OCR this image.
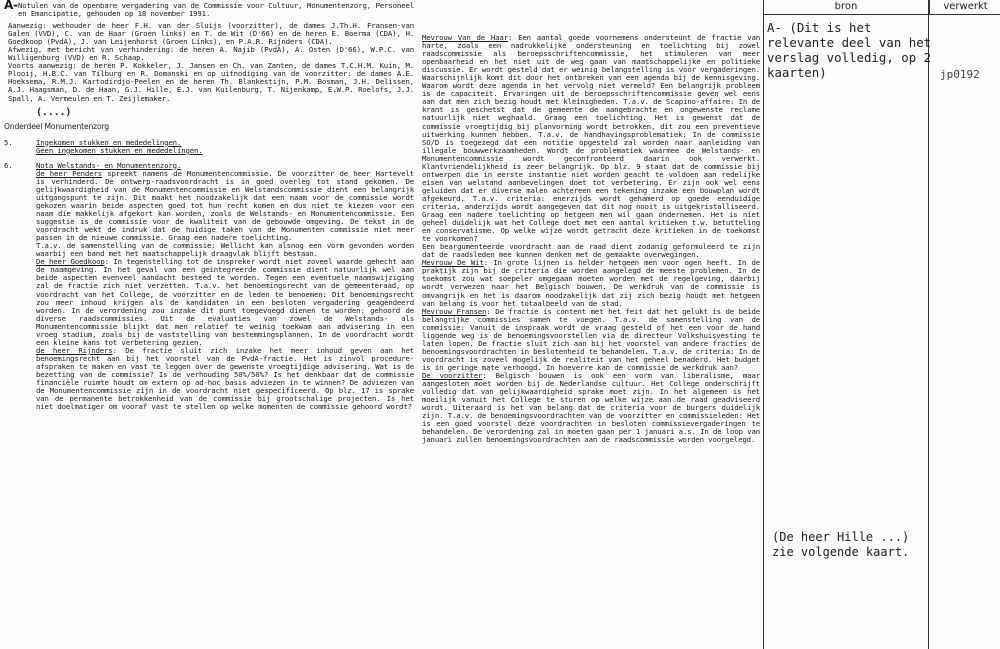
A- Notulen van de openbare vergadering van de Commissie voor Cultuur, Monumentenzorg, Personeel en Emancipatie, gehouden op 18 november 1991.

Aanwezig: wethouder de heer F.H. van der Sluijs (voorzitter), de dames J.Th.H. Fransen-van Galen (VVD), C. van de Haar (Groen links) en T. de Wit (D'66) en de heren E. Boerma (CDA), H. Goedkoop (PvdA), J. van Leijenhorst (Groen Links), en P.A.R. Rijnders (CDA).

Afwezig, met bericht van verhindering: de heren A. Najib (PvdA), A. Osten (D'66), W.P.C. van Willigenburg (VVD) en R. Schaap.

Voorts aanwezig: de heren P. Kokkeler, J. Jansen en Ch. van Zanten, de dames T.C.H.M. Kuin, M. Plooij, H.B.C. van Tilburg en R. Domanski en op uitnodiging van de voorzitter: de dames A.E. Hoeksema, R.M.J. Kartodirdjo-Peelen en de heren Th. Blankestijn, P.M. Bosman, J.H. Delissen, A.J. Haagsman, D. de Haan, G.J. Hille, E.J. van Kuilenburg, T. Nijenkamp, E.W.P. Roelofs, J.J. Spall, A. Vermeulen en T. Zeijlemaker.

(....)
Onderdeel Monumentenzorg
5.	Ingekomen stukken en mededelingen.
Geen ingekomen stukken en mededelingen.
6.	Nota Welstands- en Monumentenzorg.

de heer Penders spreekt namens de Monumentencommissie. De voorzitter de heer Hartevelt is verhinderd. De ontwerp-raadsvoordracht is in goed overleg tot stand gekomen. De gelijkwaardigheid van de Monumentencommissie en Welstandscommissie dient een belangrijk uitgangspunt te zijn. Dit maakt het noodzakelijk dat een naam voor de commissie wordt gekozen waarin beide aspecten goed tot hun recht komen en dus niet te kiezen voor een naam die makkelijk afgekort kan worden, zoals de Welstands- en Monumentencommissie. Een suggestie is de commissie voor de kwaliteit van de gebouwde omgeving. De tekst in de voordracht wekt de indruk dat de huidige taken van de Monumenten commissie niet meer passen in de nieuwe commissie. Graag een nadere toelichting.

T.a.v. de samenstelling van de commissie: Wellicht kan alsnog een vorm gevonden worden waarbij een band met het maatschappelijk draagvlak blijft bestaan.

De heer Goedkoop: In tegenstelling tot de inspreker wordt niet zoveel waarde gehecht aan de naamgeving. In het geval van een geintegreerde commissie dient natuurlijk wel aan beide aspecten evenveel aandacht besteed te worden. Tegen een eventuele naamswijziging zal de fractie zich niet verzetten. T.a.v. het benoemingsrecht van de gemeenteraad, op voordracht van het College, de voorzitter en de leden te benoemen: Dit benoemingsrecht zou meer inhoud krijgen als de kandidaten in een besloten vergadering geagendeerd worden. In de verordening zou inzake dit punt toegevoegd dienen te worden: gehoord de diverse raadscommissies. Uit de evaluaties van zowel de Welstands- als Monumentencommissie blijkt dat men relatief te weinig toekwam aan advisering in een vroeg stadium, zoals bij de vaststelling van bestemmingsplannen. In de voordracht wordt een kleine kans tot verbetering gezien.

de heer Rijnders: De fractie sluit zich inzake het meer inhoud geven aan het benoemingsrecht aan bij het voorstel van de PvdA-fractie. Het is zinvol procedure-afspraken te maken en vast te leggen over de gewenste vroegtijdige advisering. Wat is de bezetting van de commissie? Is de verhouding 50%/50%? Is het denkbaar dat de commissie financiële ruimte houdt om extern op ad-hoc basis adviezen in te winnen? De adviezen van de Monumentencommissie zijn in de voordracht niet gespecificeerd. Op blz. 17 is sprake van de permanente betrokkenheid van de commissie bij grootschalige projecten. Is het niet doelmatiger om vooraf vast te stellen op welke momenten de commissie gehoord wordt?

Mevrouw Van de Haar: Een aantal goede voornemens ondersteunt de fractie van harte, zoals een nadrukkelijke ondersteuning en toelichting bij zowel raadscommissie als beroepsschriftencommissie, het stimuleren van meer openbaarheid en het niet uit de weg gaan van maatschappelijke en politieke discussie. Er wordt gesteld dat er weinig belangstelling is voor vergaderingen. Waarschijnlijk komt dit door het ontbreken van een agenda bij de kennisgeving. Waarom wordt deze agenda in het vervolg niet vermeld? Een belangrijk probleem is de capaciteit. Ervaringen uit de beroepsschriftencommissie geven wel eens aan dat men zich bezig houdt met kleinigheden. T.a.v. de Scapino-affaire: In de krant is geschetst dat de gemeente de aangebrachte en ongewenste reclame natuurlijk niet weghaald. Graag een toelichting. Het is gewenst dat de commissie vroegtijdig bij planvorming wordt betrokken, dit zou een preventieve uitwerking kunnen hebben. T.a.v. de handhavingsproblematiek: In de commissie SO/D is toegezegd dat een notitie opgesteld zal worden naar aanleiding van illegale bouwwerkzaamheden. Wordt de problematiek waarmee de Welstands- en Monumentencommissie wordt geconfronteerd daarin ook verwerkt. Klantvriendelijkheid is zeer belangrijk. Op blz. 9 staat dat de commissie bij ontwerpen die in eerste instantie niet worden geacht te voldoen aan redelijke eisen van welstand aanbevelingen doet tot verbetering. Er zijn ook wel eens geluiden dat er diverse malen achtereen een tekening inzake een bouwplan wordt afgekeurd. T.a.v. criteria: enerzijds wordt gehamerd op goede eenduidige criteria, anderzijds wordt aangegeven dat dit nog nooit is uitgekristalliseerd. Graag een nadere toelichting op hetgeen men wil gaan ondernemen. Het is niet geheel duidelijk wat het College doet met een aantal kritieken t.w. betutteling en conservatisme. Op welke wijze wordt getracht deze kritieken in de toekomst te voorkomen?

Een beargumenteerde voordracht aan de raad dient zodanig geformuleerd te zijn dat de raadsleden mee kunnen denken met de gemaakte overwegingen.

Mevrouw De Wit: In grote lijnen is helder hetgeen men voor ogen heeft. In de praktijk zijn bij de criteria die worden aangelegd de meeste problemen. In de toekomst zou wat soepeler omgegaan moeten worden met de regelgeving, daarbij wordt verwezen naar het Belgisch bouwen. De werkdruk van de commissie is omvangrijk en het is daarom noodzakelijk dat zij zich bezig houdt met hetgeen van belang is voor het totaalbeeld van de stad.

Mevrouw Fransen: De fractie is content met het feit dat het gelukt is de beide belangrijke commissies samen te voegen. T.a.v. de samenstelling van de commissie: Vanuit de inspraak wordt de vraag gesteld of het een voor de hand liggende weg is de benoemingsvoorstellen via de directeur Volkshuisvesting te laten lopen. De fractie sluit zich aan bij het voorstel van andere fracties de benoemingsvoordrachten in beslotenheid te behandelen. T.a.v. de criteria: In de voordracht is zoveel mogelijk de realiteit van het geheel benaderd. Het budget is in geringe mate verhoogd. In hoeverre kan de commissie de werkdruk aan?

De voorzitter: Belgisch bouwen is ook een vorm van liberalisme, maar aangesloten moet worden bij de Nederlandse cultuur. Het College onderschrijft volledig dat van gelijkwaardigheid sprake moet zijn. In het algemeen is het moeilijk vanuit het College te sturen op welke wijze aan de raad geadviseerd wordt. Uiteraard is het van belang dat de criteria voor de burgers duidelijk zijn. T.a.v. de benoemingsvoordrachten van de voorzitter en commissieleden: Het is een goed voorstel deze voordrachten in besloten commissievergaderingen te behandelen. De verordening zal in moeten gaan per 1 januari a.s. In de loop van januari zullen benoemingsvoordrachten aan de raadscommissie worden voorgelegd.

bron	verwerkt
A- (Dit is het relevante deel van het verslag volledig, op 2 kaarten)	jp0192
(De heer Hille ...) zie volgende kaart.
